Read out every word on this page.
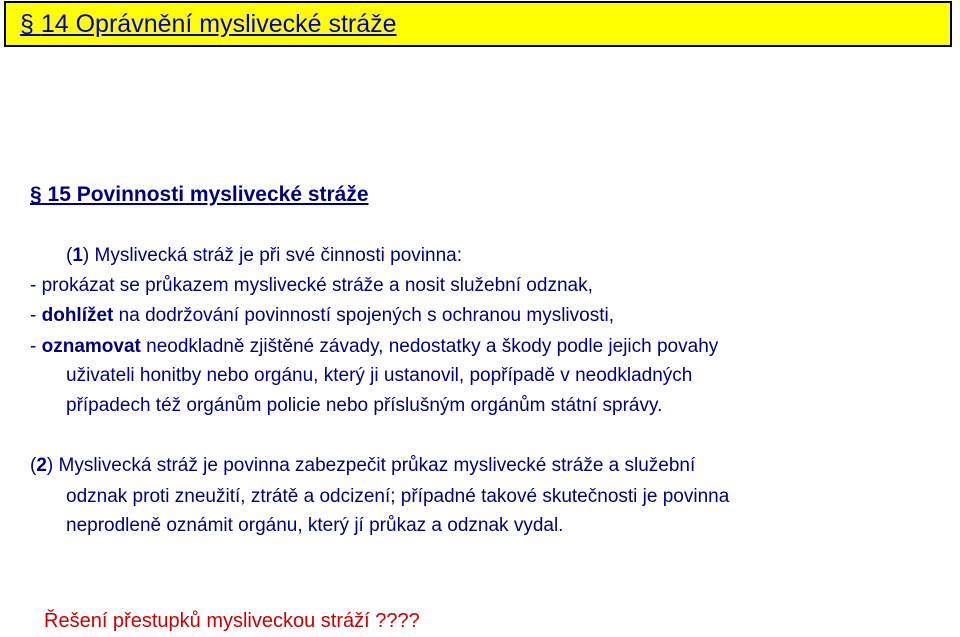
§ 14 Oprávnění myslivecké stráže
§ 15 Povinnosti myslivecké stráže
(1) Myslivecká stráž je při své činnosti povinna:
- prokázat se průkazem myslivecké stráže a nosit služební odznak,
- dohlížet na dodržování povinností spojených s ochranou myslivosti,
- oznamovat neodkladně zjištěné závady, nedostatky a škody podle jejich povahy
uživateli honitby nebo orgánu, který ji ustanovil, popřípadě v neodkladných
případech též orgánům policie nebo příslušným orgánům státní správy.
(2) Myslivecká stráž je povinna zabezpečit průkaz myslivecké stráže a služební
odznak proti zneužití, ztrátě a odcizení; případné takové skutečnosti je povinna
neprodleně oznámit orgánu, který jí průkaz a odznak vydal.
Řešení přestupků mysliveckou stráží ????
